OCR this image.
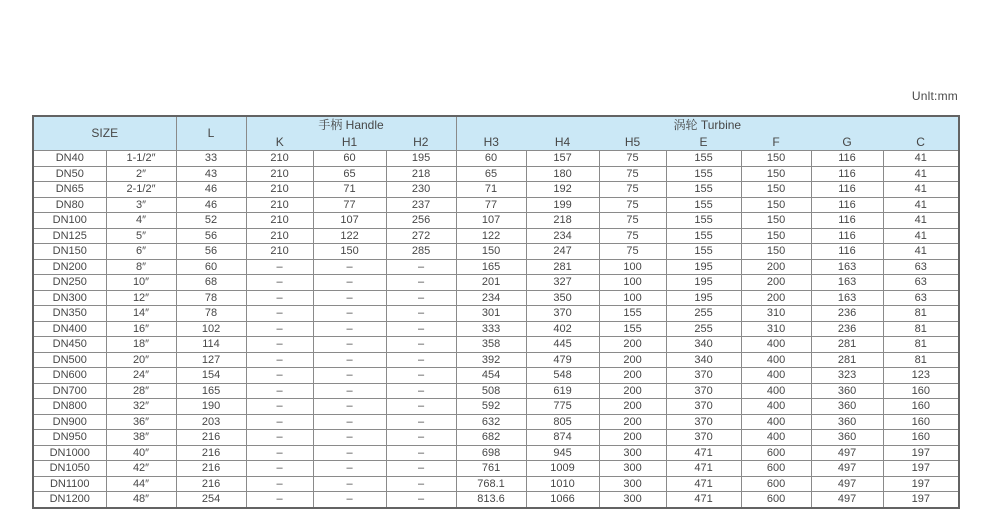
Unlt:mm
SIZE		L	手柄 Handle			涡轮 Turbine						
			K	H1	H2	H3	H4	H5	E	F	G	C
DN40	1-1/2″	33	210	60	195	60	157	75	155	150	116	41
DN50	2″	43	210	65	218	65	180	75	155	150	116	41
DN65	2-1/2″	46	210	71	230	71	192	75	155	150	116	41
DN80	3″	46	210	77	237	77	199	75	155	150	116	41
DN100	4″	52	210	107	256	107	218	75	155	150	116	41
DN125	5″	56	210	122	272	122	234	75	155	150	116	41
DN150	6″	56	210	150	285	150	247	75	155	150	116	41
DN200	8″	60	–	–	–	165	281	100	195	200	163	63
DN250	10″	68	–	–	–	201	327	100	195	200	163	63
DN300	12″	78	–	–	–	234	350	100	195	200	163	63
DN350	14″	78	–	–	–	301	370	155	255	310	236	81
DN400	16″	102	–	–	–	333	402	155	255	310	236	81
DN450	18″	114	–	–	–	358	445	200	340	400	281	81
DN500	20″	127	–	–	–	392	479	200	340	400	281	81
DN600	24″	154	–	–	–	454	548	200	370	400	323	123
DN700	28″	165	–	–	–	508	619	200	370	400	360	160
DN800	32″	190	–	–	–	592	775	200	370	400	360	160
DN900	36″	203	–	–	–	632	805	200	370	400	360	160
DN950	38″	216	–	–	–	682	874	200	370	400	360	160
DN1000	40″	216	–	–	–	698	945	300	471	600	497	197
DN1050	42″	216	–	–	–	761	1009	300	471	600	497	197
DN1100	44″	216	–	–	–	768.1	1010	300	471	600	497	197
DN1200	48″	254	–	–	–	813.6	1066	300	471	600	497	197
